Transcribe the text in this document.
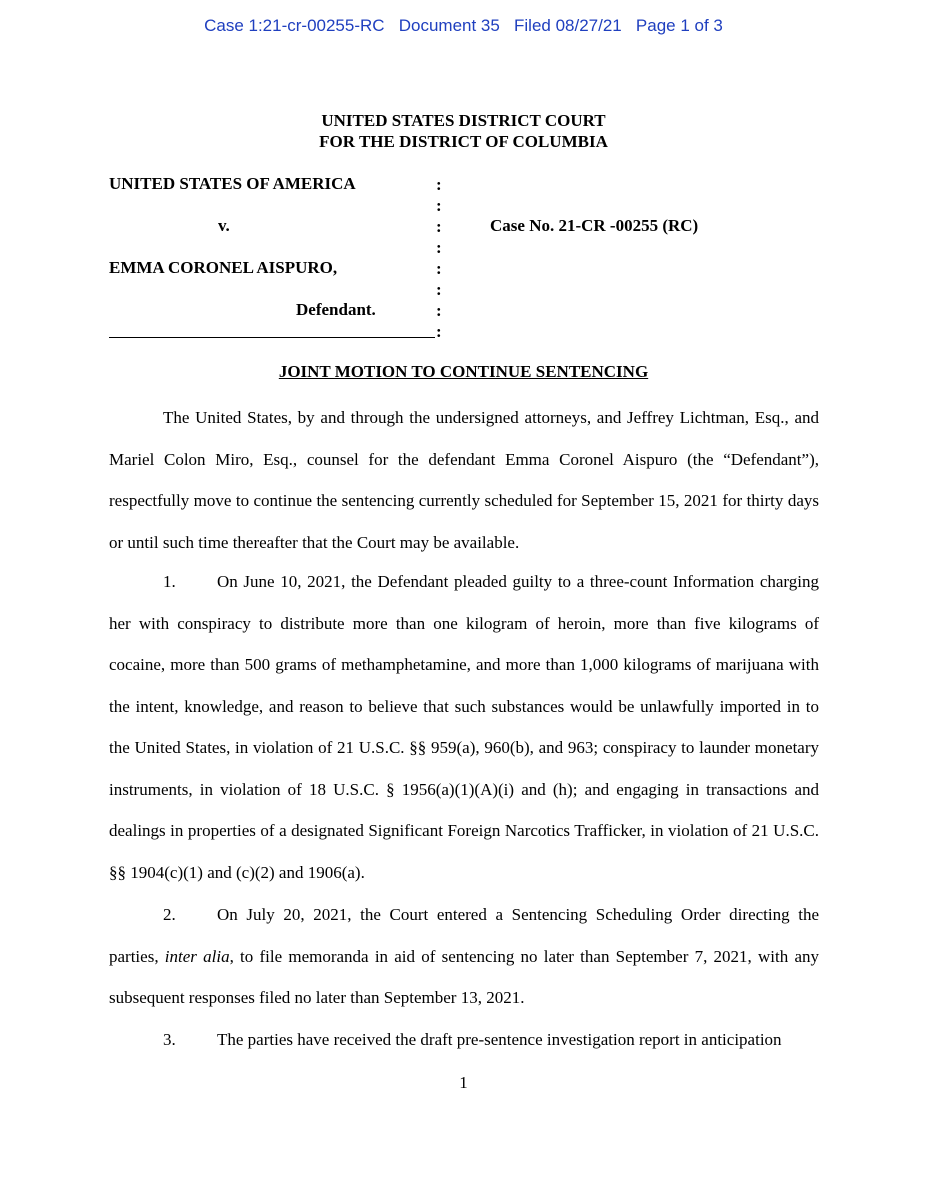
Case 1:21-cr-00255-RC   Document 35   Filed 08/27/21   Page 1 of 3
UNITED STATES DISTRICT COURT
FOR THE DISTRICT OF COLUMBIA
UNITED STATES OF AMERICA
v.
EMMA CORONEL AISPURO,
Defendant.
Case No. 21-CR -00255 (RC)
:
:
:
:
:
:
:
:
JOINT MOTION TO CONTINUE SENTENCING

The United States, by and through the undersigned attorneys, and Jeffrey Lichtman, Esq., and Mariel Colon Miro, Esq., counsel for the defendant Emma Coronel Aispuro (the “Defendant”), respectfully move to continue the sentencing currently scheduled for September 15, 2021 for thirty days or until such time thereafter that the Court may be available.

1. On June 10, 2021, the Defendant pleaded guilty to a three-count Information charging her with conspiracy to distribute more than one kilogram of heroin, more than five kilograms of cocaine, more than 500 grams of methamphetamine, and more than 1,000 kilograms of marijuana with the intent, knowledge, and reason to believe that such substances would be unlawfully imported in to the United States, in violation of 21 U.S.C. §§ 959(a), 960(b), and 963; conspiracy to launder monetary instruments, in violation of 18 U.S.C. § 1956(a)(1)(A)(i) and (h); and engaging in transactions and dealings in properties of a designated Significant Foreign Narcotics Trafficker, in violation of 21 U.S.C. §§ 1904(c)(1) and (c)(2) and 1906(a).

2. On July 20, 2021, the Court entered a Sentencing Scheduling Order directing the parties, inter alia, to file memoranda in aid of sentencing no later than September 7, 2021, with any subsequent responses filed no later than September 13, 2021.

3. The parties have received the draft pre-sentence investigation report in anticipation

1
